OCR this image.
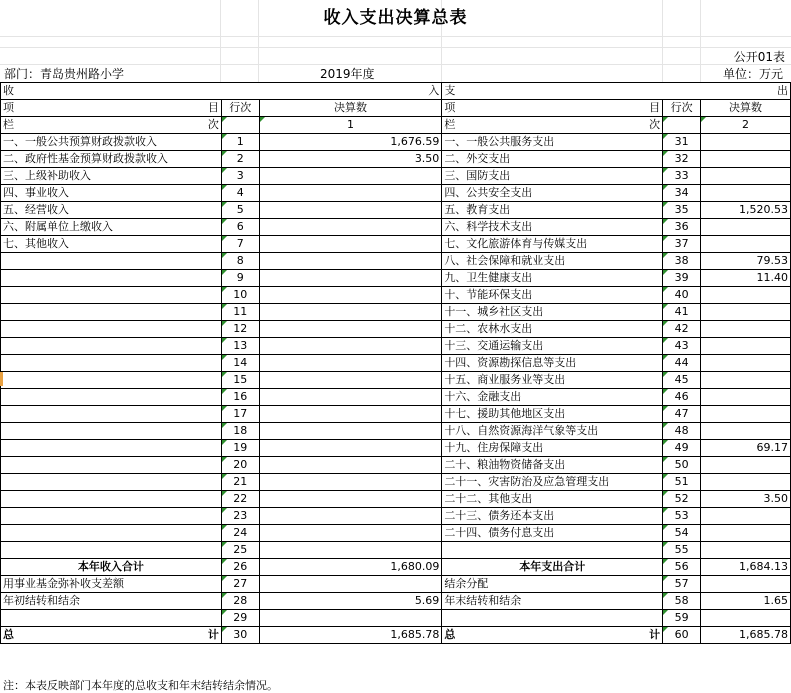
收入支出决算总表
公开01表
部门：青岛贵州路小学	2019年度	单位：万元
收 入			支 出		

项 目	行次	决算数	项 目	行次	决算数

栏 次		1	栏 次		2
一、一般公共预算财政拨款收入	1	1,676.59	一、一般公共服务支出	31	
二、政府性基金预算财政拨款收入	2	3.50	二、外交支出	32	
三、上级补助收入	3		三、国防支出	33	
四、事业收入	4		四、公共安全支出	34	
五、经营收入	5		五、教育支出	35	1,520.53
六、附属单位上缴收入	6		六、科学技术支出	36	
七、其他收入	7		七、文化旅游体育与传媒支出	37	
	8		八、社会保障和就业支出	38	79.53
	9		九、卫生健康支出	39	11.40
	10		十、节能环保支出	40	
	11		十一、城乡社区支出	41	
	12		十二、农林水支出	42	
	13		十三、交通运输支出	43	
	14		十四、资源勘探信息等支出	44	
	15		十五、商业服务业等支出	45	
	16		十六、金融支出	46	
	17		十七、援助其他地区支出	47	
	18		十八、自然资源海洋气象等支出	48	
	19		十九、住房保障支出	49	69.17
	20		二十、粮油物资储备支出	50	
	21		二十一、灾害防治及应急管理支出	51	
	22		二十二、其他支出	52	3.50
	23		二十三、债务还本支出	53	
	24		二十四、债务付息支出	54	
	25			55	
本年收入合计	26	1,680.09	本年支出合计	56	1,684.13
用事业基金弥补收支差额	27		结余分配	57	
年初结转和结余	28	5.69	年末结转和结余	58	1.65
	29			59	

总 计	30	1,685.78	总 计	60	1,685.78
注：本表反映部门本年度的总收支和年末结转结余情况。
